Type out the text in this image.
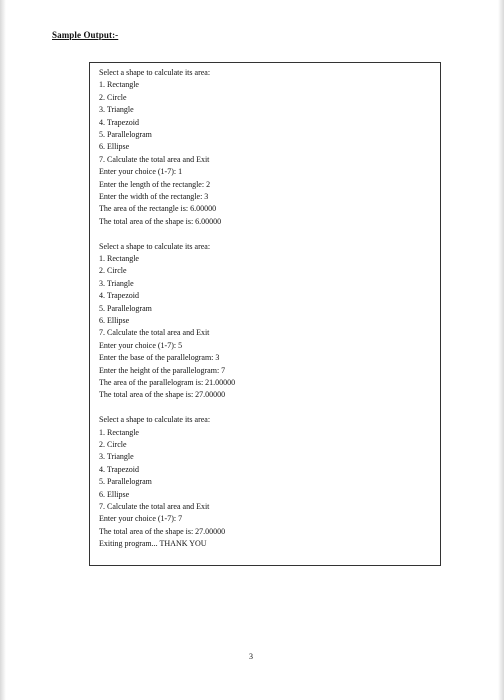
Sample Output:-
Select a shape to calculate its area:
1. Rectangle
2. Circle
3. Triangle
4. Trapezoid
5. Parallelogram
6. Ellipse
7. Calculate the total area and Exit
Enter your choice (1-7): 1
Enter the length of the rectangle: 2
Enter the width of the rectangle: 3
The area of the rectangle is: 6.00000
The total area of the shape is: 6.00000
Select a shape to calculate its area:
1. Rectangle
2. Circle
3. Triangle
4. Trapezoid
5. Parallelogram
6. Ellipse
7. Calculate the total area and Exit
Enter your choice (1-7): 5
Enter the base of the parallelogram: 3
Enter the height of the parallelogram: 7
The area of the parallelogram is: 21.00000
The total area of the shape is: 27.00000
Select a shape to calculate its area:
1. Rectangle
2. Circle
3. Triangle
4. Trapezoid
5. Parallelogram
6. Ellipse
7. Calculate the total area and Exit
Enter your choice (1-7): 7
The total area of the shape is: 27.00000
Exiting program... THANK YOU
3
